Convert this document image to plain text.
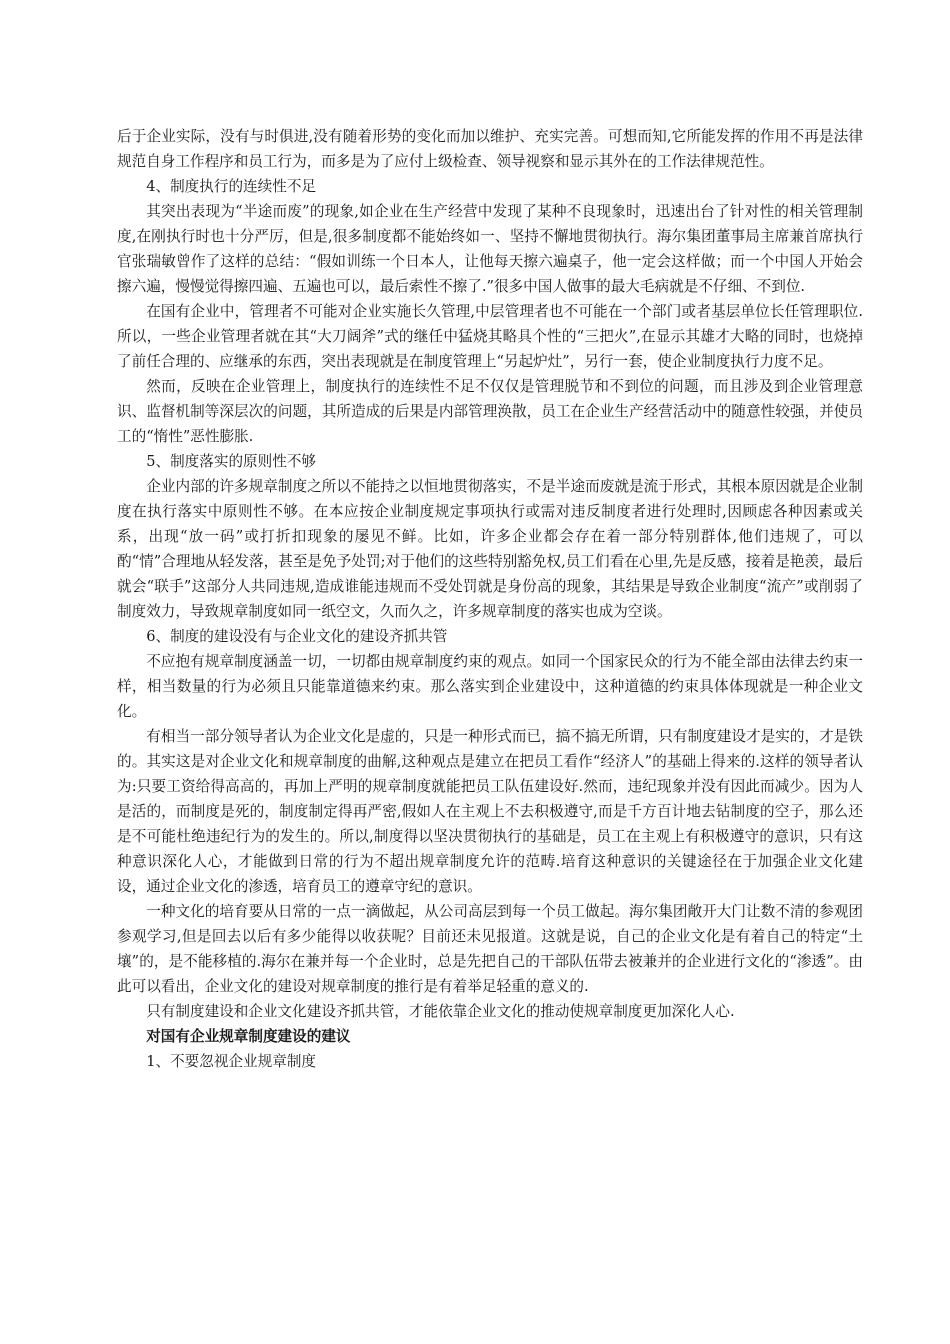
后于企业实际，没有与时俱进,没有随着形势的变化而加以维护、充实完善。可想而知,它所能发挥的作用不再是法律规范自身工作程序和员工行为，而多是为了应付上级检查、领导视察和显示其外在的工作法律规范性。

4、制度执行的连续性不足

其突出表现为“半途而废”的现象,如企业在生产经营中发现了某种不良现象时，迅速出台了针对性的相关管理制度,在刚执行时也十分严厉，但是,很多制度都不能始终如一、坚持不懈地贯彻执行。海尔集团董事局主席兼首席执行官张瑞敏曾作了这样的总结：“假如训练一个日本人，让他每天擦六遍桌子，他一定会这样做；而一个中国人开始会擦六遍，慢慢觉得擦四遍、五遍也可以，最后索性不擦了.”很多中国人做事的最大毛病就是不仔细、不到位.

在国有企业中，管理者不可能对企业实施长久管理,中层管理者也不可能在一个部门或者基层单位长任管理职位.所以，一些企业管理者就在其“大刀阔斧”式的继任中猛烧其略具个性的“三把火”,在显示其雄才大略的同时，也烧掉了前任合理的、应继承的东西，突出表现就是在制度管理上“另起炉灶”，另行一套，使企业制度执行力度不足。

然而，反映在企业管理上，制度执行的连续性不足不仅仅是管理脱节和不到位的问题，而且涉及到企业管理意识、监督机制等深层次的问题，其所造成的后果是内部管理涣散，员工在企业生产经营活动中的随意性较强，并使员工的“惰性”恶性膨胀.

5、制度落实的原则性不够

企业内部的许多规章制度之所以不能持之以恒地贯彻落实，不是半途而废就是流于形式，其根本原因就是企业制度在执行落实中原则性不够。在本应按企业制度规定事项执行或需对违反制度者进行处理时,因顾虑各种因素或关系，出现“放一码”或打折扣现象的屡见不鲜。比如，许多企业都会存在着一部分特别群体,他们违规了，可以酌“情”合理地从轻发落，甚至是免予处罚;对于他们的这些特别豁免权,员工们看在心里,先是反感，接着是艳羡，最后就会“联手”这部分人共同违规,造成谁能违规而不受处罚就是身份高的现象，其结果是导致企业制度“流产”或削弱了制度效力，导致规章制度如同一纸空文，久而久之，许多规章制度的落实也成为空谈。

6、制度的建设没有与企业文化的建设齐抓共管

不应抱有规章制度涵盖一切，一切都由规章制度约束的观点。如同一个国家民众的行为不能全部由法律去约束一样，相当数量的行为必须且只能靠道德来约束。那么落实到企业建设中，这种道德的约束具体体现就是一种企业文化。

有相当一部分领导者认为企业文化是虚的，只是一种形式而已，搞不搞无所谓，只有制度建设才是实的，才是铁的。其实这是对企业文化和规章制度的曲解,这种观点是建立在把员工看作“经济人”的基础上得来的.这样的领导者认为:只要工资给得高高的，再加上严明的规章制度就能把员工队伍建设好.然而，违纪现象并没有因此而减少。因为人是活的，而制度是死的，制度制定得再严密,假如人在主观上不去积极遵守,而是千方百计地去钻制度的空子，那么还是不可能杜绝违纪行为的发生的。所以,制度得以坚决贯彻执行的基础是，员工在主观上有积极遵守的意识，只有这种意识深化人心，才能做到日常的行为不超出规章制度允许的范畴.培育这种意识的关键途径在于加强企业文化建设，通过企业文化的渗透，培育员工的遵章守纪的意识。

一种文化的培育要从日常的一点一滴做起，从公司高层到每一个员工做起。海尔集团敞开大门让数不清的参观团参观学习,但是回去以后有多少能得以收获呢？目前还未见报道。这就是说，自己的企业文化是有着自己的特定“土壤”的，是不能移植的.海尔在兼并每一个企业时，总是先把自己的干部队伍带去被兼并的企业进行文化的“渗透”。由此可以看出，企业文化的建设对规章制度的推行是有着举足轻重的意义的.

只有制度建设和企业文化建设齐抓共管，才能依靠企业文化的推动使规章制度更加深化人心.

对国有企业规章制度建设的建议

1、不要忽视企业规章制度
